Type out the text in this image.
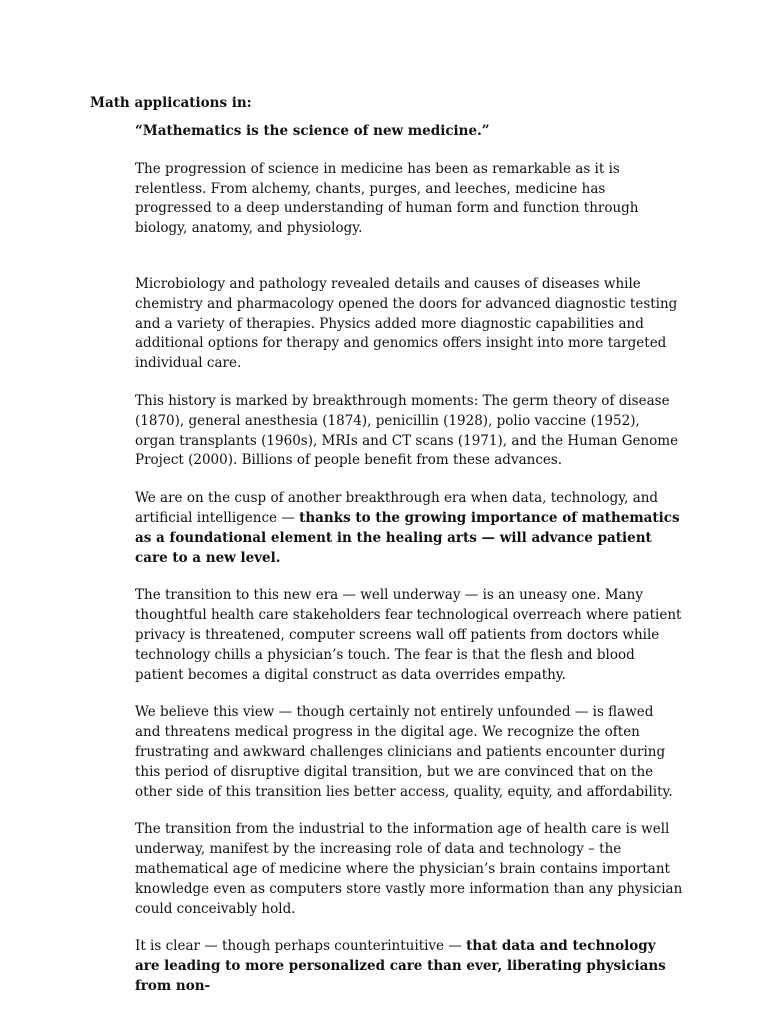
Math applications in:

“Mathematics is the science of new medicine.”

The progression of science in medicine has been as remarkable as it is relentless. From alchemy, chants, purges, and leeches, medicine has progressed to a deep understanding of human form and function through biology, anatomy, and physiology.

Microbiology and pathology revealed details and causes of diseases while chemistry and pharmacology opened the doors for advanced diagnostic testing and a variety of therapies. Physics added more diagnostic capabilities and additional options for therapy and genomics offers insight into more targeted individual care.

This history is marked by breakthrough moments: The germ theory of disease (1870), general anesthesia (1874), penicillin (1928), polio vaccine (1952), organ transplants (1960s), MRIs and CT scans (1971), and the Human Genome Project (2000). Billions of people benefit from these advances.

We are on the cusp of another breakthrough era when data, technology, and artificial intelligence — thanks to the growing importance of mathematics as a foundational element in the healing arts — will advance patient care to a new level.

The transition to this new era — well underway — is an uneasy one. Many thoughtful health care stakeholders fear technological overreach where patient privacy is threatened, computer screens wall off patients from doctors while technology chills a physician’s touch. The fear is that the flesh and blood patient becomes a digital construct as data overrides empathy.

We believe this view — though certainly not entirely unfounded — is flawed and threatens medical progress in the digital age. We recognize the often frustrating and awkward challenges clinicians and patients encounter during this period of disruptive digital transition, but we are convinced that on the other side of this transition lies better access, quality, equity, and affordability.

The transition from the industrial to the information age of health care is well underway, manifest by the increasing role of data and technology – the mathematical age of medicine where the physician’s brain contains important knowledge even as computers store vastly more information than any physician could conceivably hold.

It is clear — though perhaps counterintuitive — that data and technology are leading to more personalized care than ever, liberating physicians from non-
